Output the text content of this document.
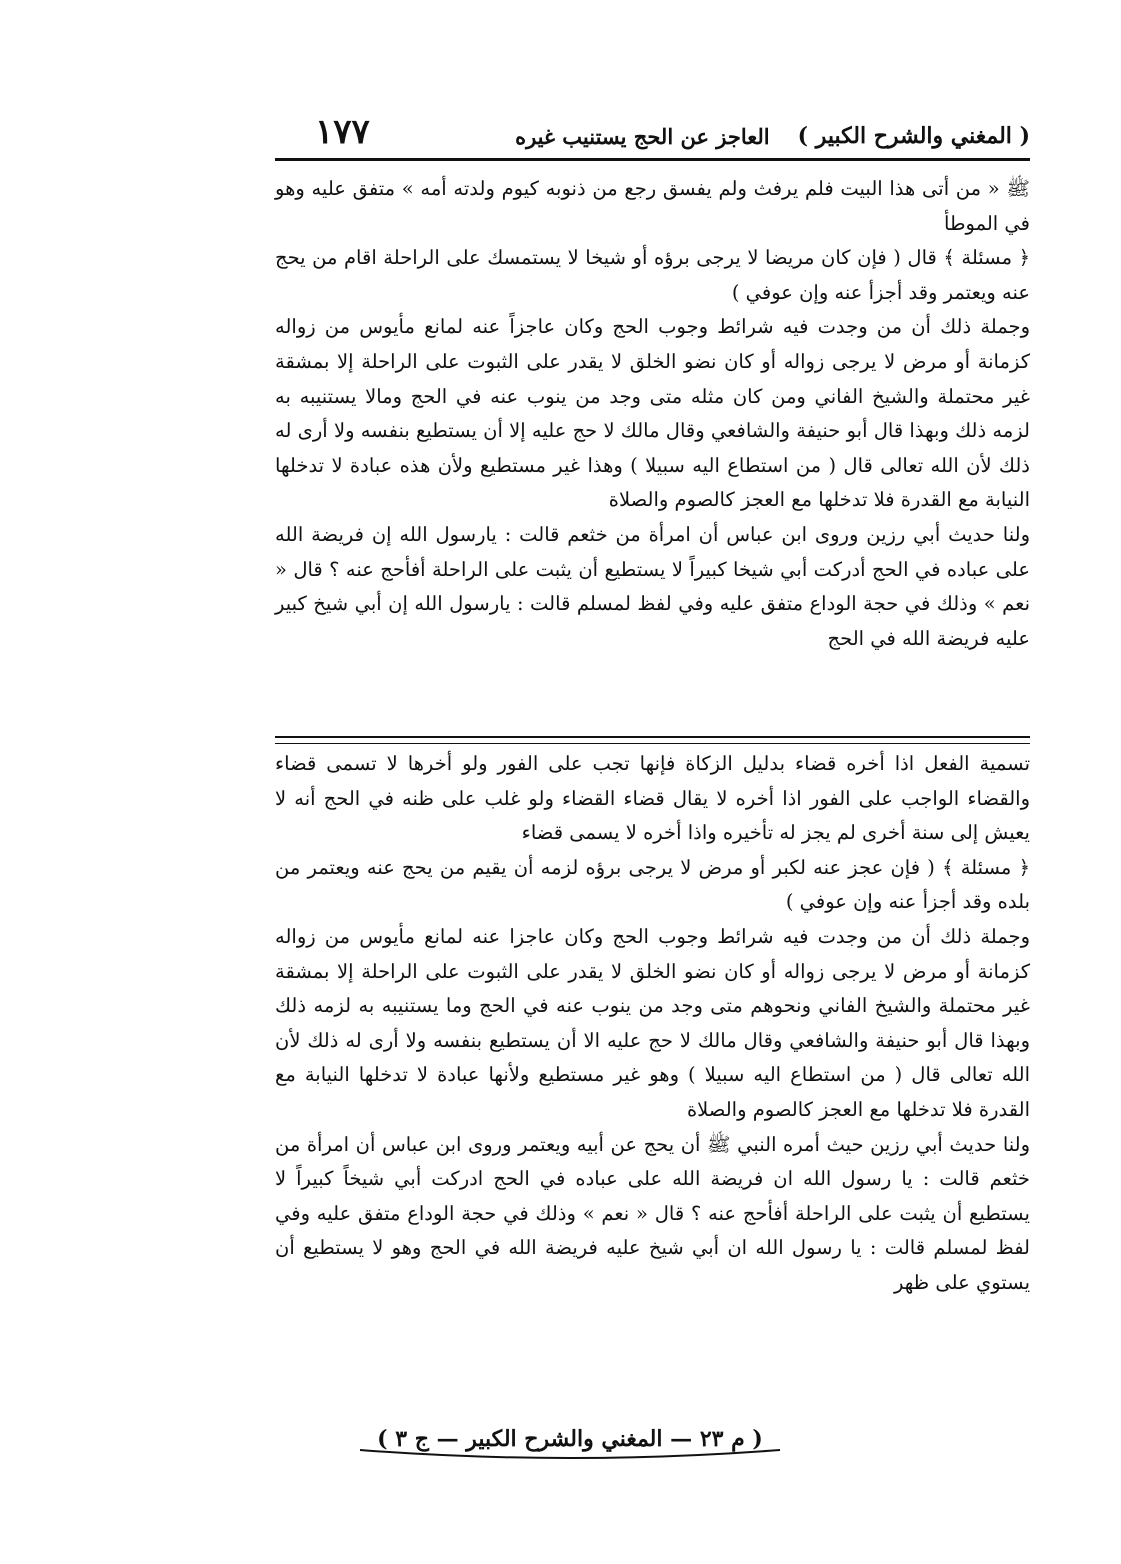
( المغني والشرح الكبير )
العاجز عن الحج يستنيب غيره
١٧٧

ﷺ « من أتى هذا البيت فلم يرفث ولم يفسق رجع من ذنوبه كيوم ولدته أمه » متفق عليه وهو في الموطأ

﴿ مسئلة ﴾ قال ( فإن كان مريضا لا يرجى برؤه أو شيخا لا يستمسك على الراحلة اقام من يحج عنه ويعتمر وقد أجزأ عنه وإن عوفي )

وجملة ذلك أن من وجدت فيه شرائط وجوب الحج وكان عاجزاً عنه لمانع مأيوس من زواله كزمانة أو مرض لا يرجى زواله أو كان نضو الخلق لا يقدر على الثبوت على الراحلة إلا بمشقة غير محتملة والشيخ الفاني ومن كان مثله متى وجد من ينوب عنه في الحج ومالا يستنيبه به لزمه ذلك وبهذا قال أبو حنيفة والشافعي وقال مالك لا حج عليه إلا أن يستطيع بنفسه ولا أرى له ذلك لأن الله تعالى قال ( من استطاع اليه سبيلا ) وهذا غير مستطيع ولأن هذه عبادة لا تدخلها النيابة مع القدرة فلا تدخلها مع العجز كالصوم والصلاة

ولنا حديث أبي رزين وروى ابن عباس أن امرأة من خثعم قالت : يارسول الله إن فريضة الله على عباده في الحج أدركت أبي شيخا كبيراً لا يستطيع أن يثبت على الراحلة أفأحج عنه ؟ قال « نعم » وذلك في حجة الوداع متفق عليه وفي لفظ لمسلم قالت : يارسول الله إن أبي شيخ كبير عليه فريضة الله في الحج

تسمية الفعل اذا أخره قضاء بدليل الزكاة فإنها تجب على الفور ولو أخرها لا تسمى قضاء والقضاء الواجب على الفور اذا أخره لا يقال قضاء القضاء ولو غلب على ظنه في الحج أنه لا يعيش إلى سنة أخرى لم يجز له تأخيره واذا أخره لا يسمى قضاء

﴿ مسئلة ﴾ ( فإن عجز عنه لكبر أو مرض لا يرجى برؤه لزمه أن يقيم من يحج عنه ويعتمر من بلده وقد أجزأ عنه وإن عوفي )

وجملة ذلك أن من وجدت فيه شرائط وجوب الحج وكان عاجزا عنه لمانع مأيوس من زواله كزمانة أو مرض لا يرجى زواله أو كان نضو الخلق لا يقدر على الثبوت على الراحلة إلا بمشقة غير محتملة والشيخ الفاني ونحوهم متى وجد من ينوب عنه في الحج وما يستنيبه به لزمه ذلك وبهذا قال أبو حنيفة والشافعي وقال مالك لا حج عليه الا أن يستطيع بنفسه ولا أرى له ذلك لأن الله تعالى قال ( من استطاع اليه سبيلا ) وهو غير مستطيع ولأنها عبادة لا تدخلها النيابة مع القدرة فلا تدخلها مع العجز كالصوم والصلاة

ولنا حديث أبي رزين حيث أمره النبي ﷺ أن يحج عن أبيه ويعتمر وروى ابن عباس أن امرأة من خثعم قالت : يا رسول الله ان فريضة الله على عباده في الحج ادركت أبي شيخاً كبيراً لا يستطيع أن يثبت على الراحلة أفأحج عنه ؟ قال « نعم » وذلك في حجة الوداع متفق عليه وفي لفظ لمسلم قالت : يا رسول الله ان أبي شيخ عليه فريضة الله في الحج وهو لا يستطيع أن يستوي على ظهر

( م ٢٣ — المغني والشرح الكبير — ج ٣ )
